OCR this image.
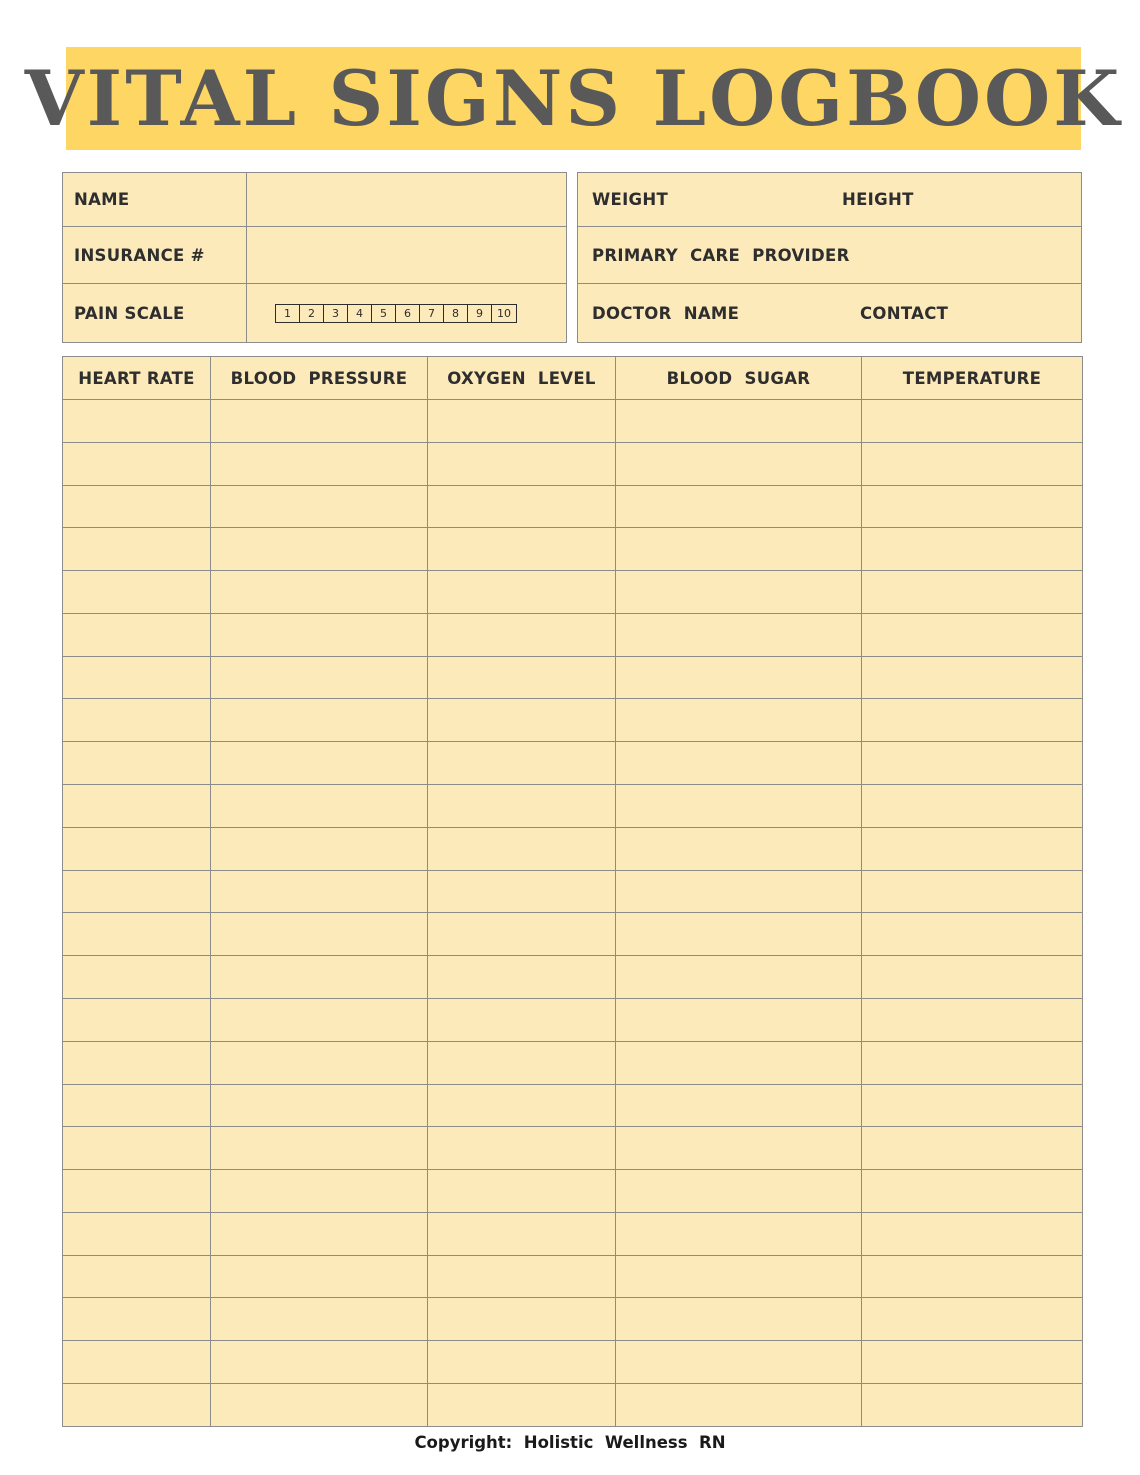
VITAL SIGNS LOGBOOK
NAME
INSURANCE #
PAIN SCALE	1	2	3	4	5	6	7	8	9	10
WEIGHT	HEIGHT
PRIMARY  CARE  PROVIDER
DOCTOR  NAME	CONTACT
HEART RATE	BLOOD  PRESSURE	OXYGEN  LEVEL	BLOOD  SUGAR	TEMPERATURE

Copyright:  Holistic  Wellness  RN
